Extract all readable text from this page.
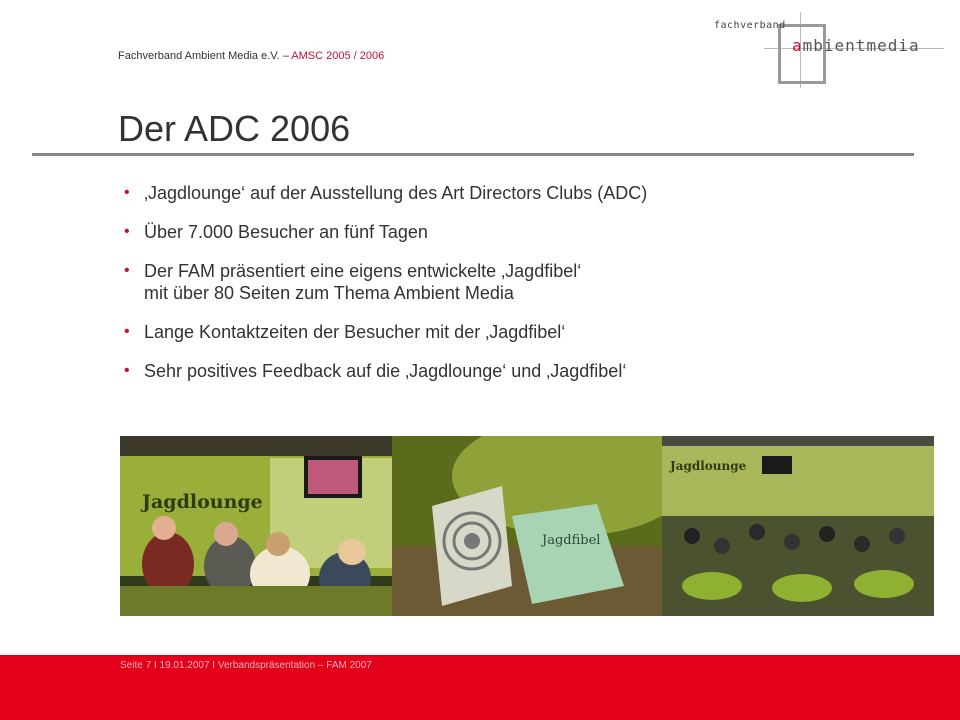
Fachverband Ambient Media e.V. – AMSC 2005 / 2006
fachverband
ambientmedia
Der ADC 2006
• ‚Jagdlounge‘ auf der Ausstellung des Art Directors Clubs (ADC)
• Über 7.000 Besucher an fünf Tagen
• Der FAM präsentiert eine eigens entwickelte ‚Jagdfibel‘
mit über 80 Seiten zum Thema Ambient Media
• Lange Kontaktzeiten der Besucher mit der ‚Jagdfibel‘
• Sehr positives Feedback auf die ‚Jagdlounge‘ und ‚Jagdfibel‘
Jagdlounge
Jagdfibel
Jagdlounge
Seite 7 I 19.01.2007 I Verbandspräsentation – FAM 2007
